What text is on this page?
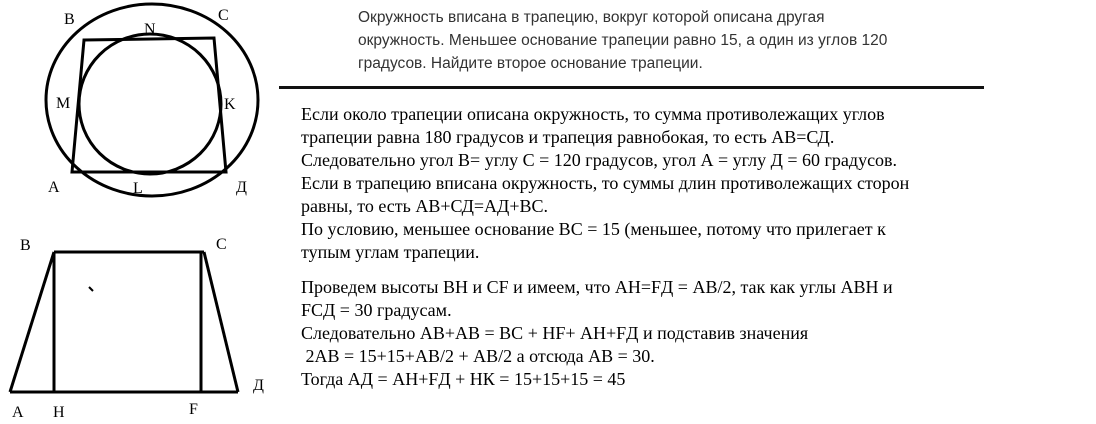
B
N
C
M	K
A	L	Д
B	C
A H	F
Д
Окружность вписана в трапецию, вокруг которой описана другая
окружность. Меньшее основание трапеции равно 15, а один из углов 120
градусов. Найдите второе основание трапеции.
Если около трапеции описана окружность, то сумма противолежащих углов
трапеции равна 180 градусов и трапеция равнобокая, то есть АВ=СД.
Следовательно угол В= углу С = 120 градусов, угол А = углу Д = 60 градусов.
Если в трапецию вписана окружность, то суммы длин противолежащих сторон
равны, то есть АВ+СД=АД+ВС.
По условию, меньшее основание ВС = 15 (меньшее, потому что прилегает к
тупым углам трапеции.
Проведем высоты ВН и CF и имеем, что АН=FД = АВ/2, так как углы АВН и
FCД = 30 градусам.
Следовательно АВ+АВ = ВС + НF+ АН+FД и подставив значения
2АВ = 15+15+АВ/2 + АВ/2 а отсюда АВ = 30.
Тогда АД = АН+FД + НК = 15+15+15 = 45
